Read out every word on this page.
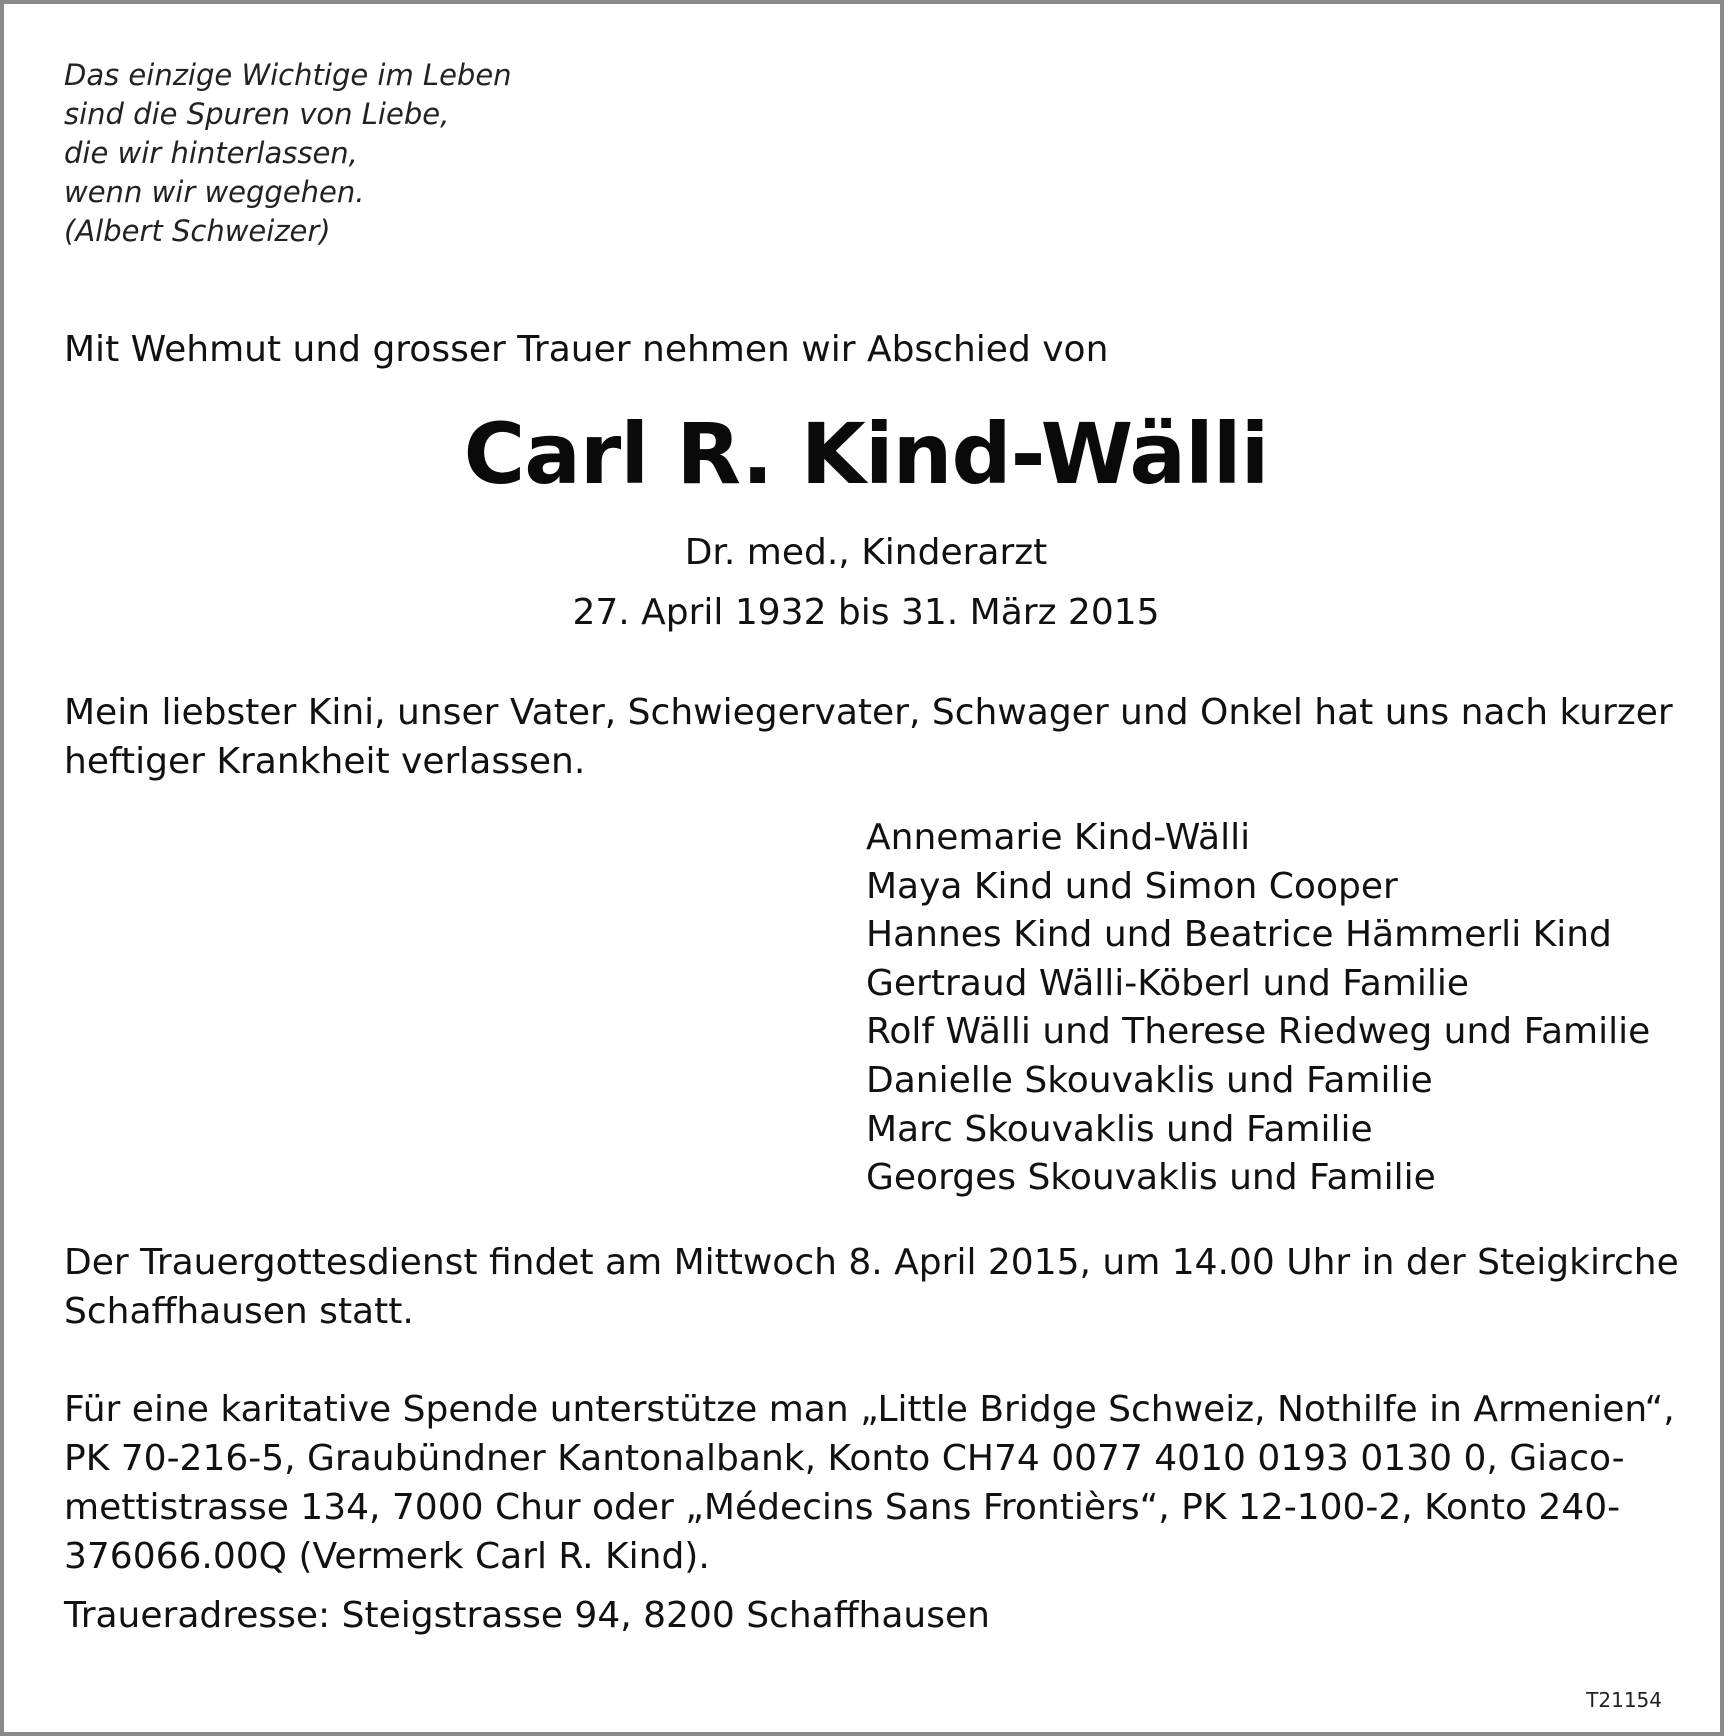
Das einzige Wichtige im Leben
sind die Spuren von Liebe,
die wir hinterlassen,
wenn wir weggehen.
(Albert Schweizer)
Mit Wehmut und grosser Trauer nehmen wir Abschied von
Carl R. Kind-Wälli
Dr. med., Kinderarzt
27. April 1932 bis 31. März 2015
Mein liebster Kini, unser Vater, Schwiegervater, Schwager und Onkel hat uns nach kurzer
heftiger Krankheit verlassen.
Annemarie Kind-Wälli
Maya Kind und Simon Cooper
Hannes Kind und Beatrice Hämmerli Kind
Gertraud Wälli-Köberl und Familie
Rolf Wälli und Therese Riedweg und Familie
Danielle Skouvaklis und Familie
Marc Skouvaklis und Familie
Georges Skouvaklis und Familie
Der Trauergottesdienst findet am Mittwoch 8. April 2015, um 14.00 Uhr in der Steigkirche
Schaffhausen statt.
Für eine karitative Spende unterstütze man „Little Bridge Schweiz, Nothilfe in Armenien“,
PK 70-216-5, Graubündner Kantonalbank, Konto CH74 0077 4010 0193 0130 0, Giaco-
mettistrasse 134, 7000 Chur oder „Médecins Sans Frontièrs“, PK 12-100-2, Konto 240-
376066.00Q (Vermerk Carl R. Kind).
Traueradresse: Steigstrasse 94, 8200 Schaffhausen
T21154
